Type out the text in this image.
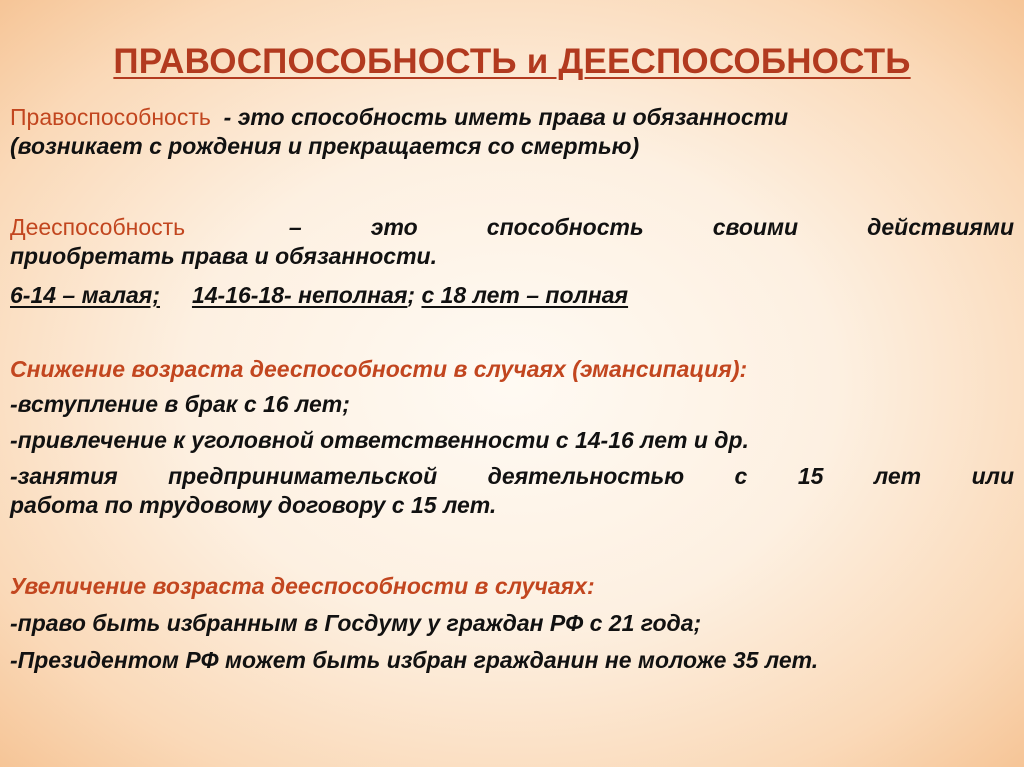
ПРАВОСПОСОБНОСТЬ и ДЕЕСПОСОБНОСТЬ
Правоспособность  - это способность иметь права и обязанности
(возникает с рождения и прекращается со смертью)
Дееспособность   –  это  способность  своими  действиями
приобретать права и обязанности.
6-14 – малая; 14-16-18- неполная; с 18 лет – полная
Снижение возраста дееспособности в случаях (эмансипация):
-вступление в брак с 16 лет;
-привлечение к уголовной ответственности с 14-16 лет и др.
-занятия  предпринимательской  деятельностью  с  15  лет  или
работа по трудовому договору с 15 лет.
Увеличение возраста дееспособности в случаях:
-право быть избранным в Госдуму у граждан РФ с 21 года;
-Президентом РФ может быть избран гражданин не моложе 35 лет.
